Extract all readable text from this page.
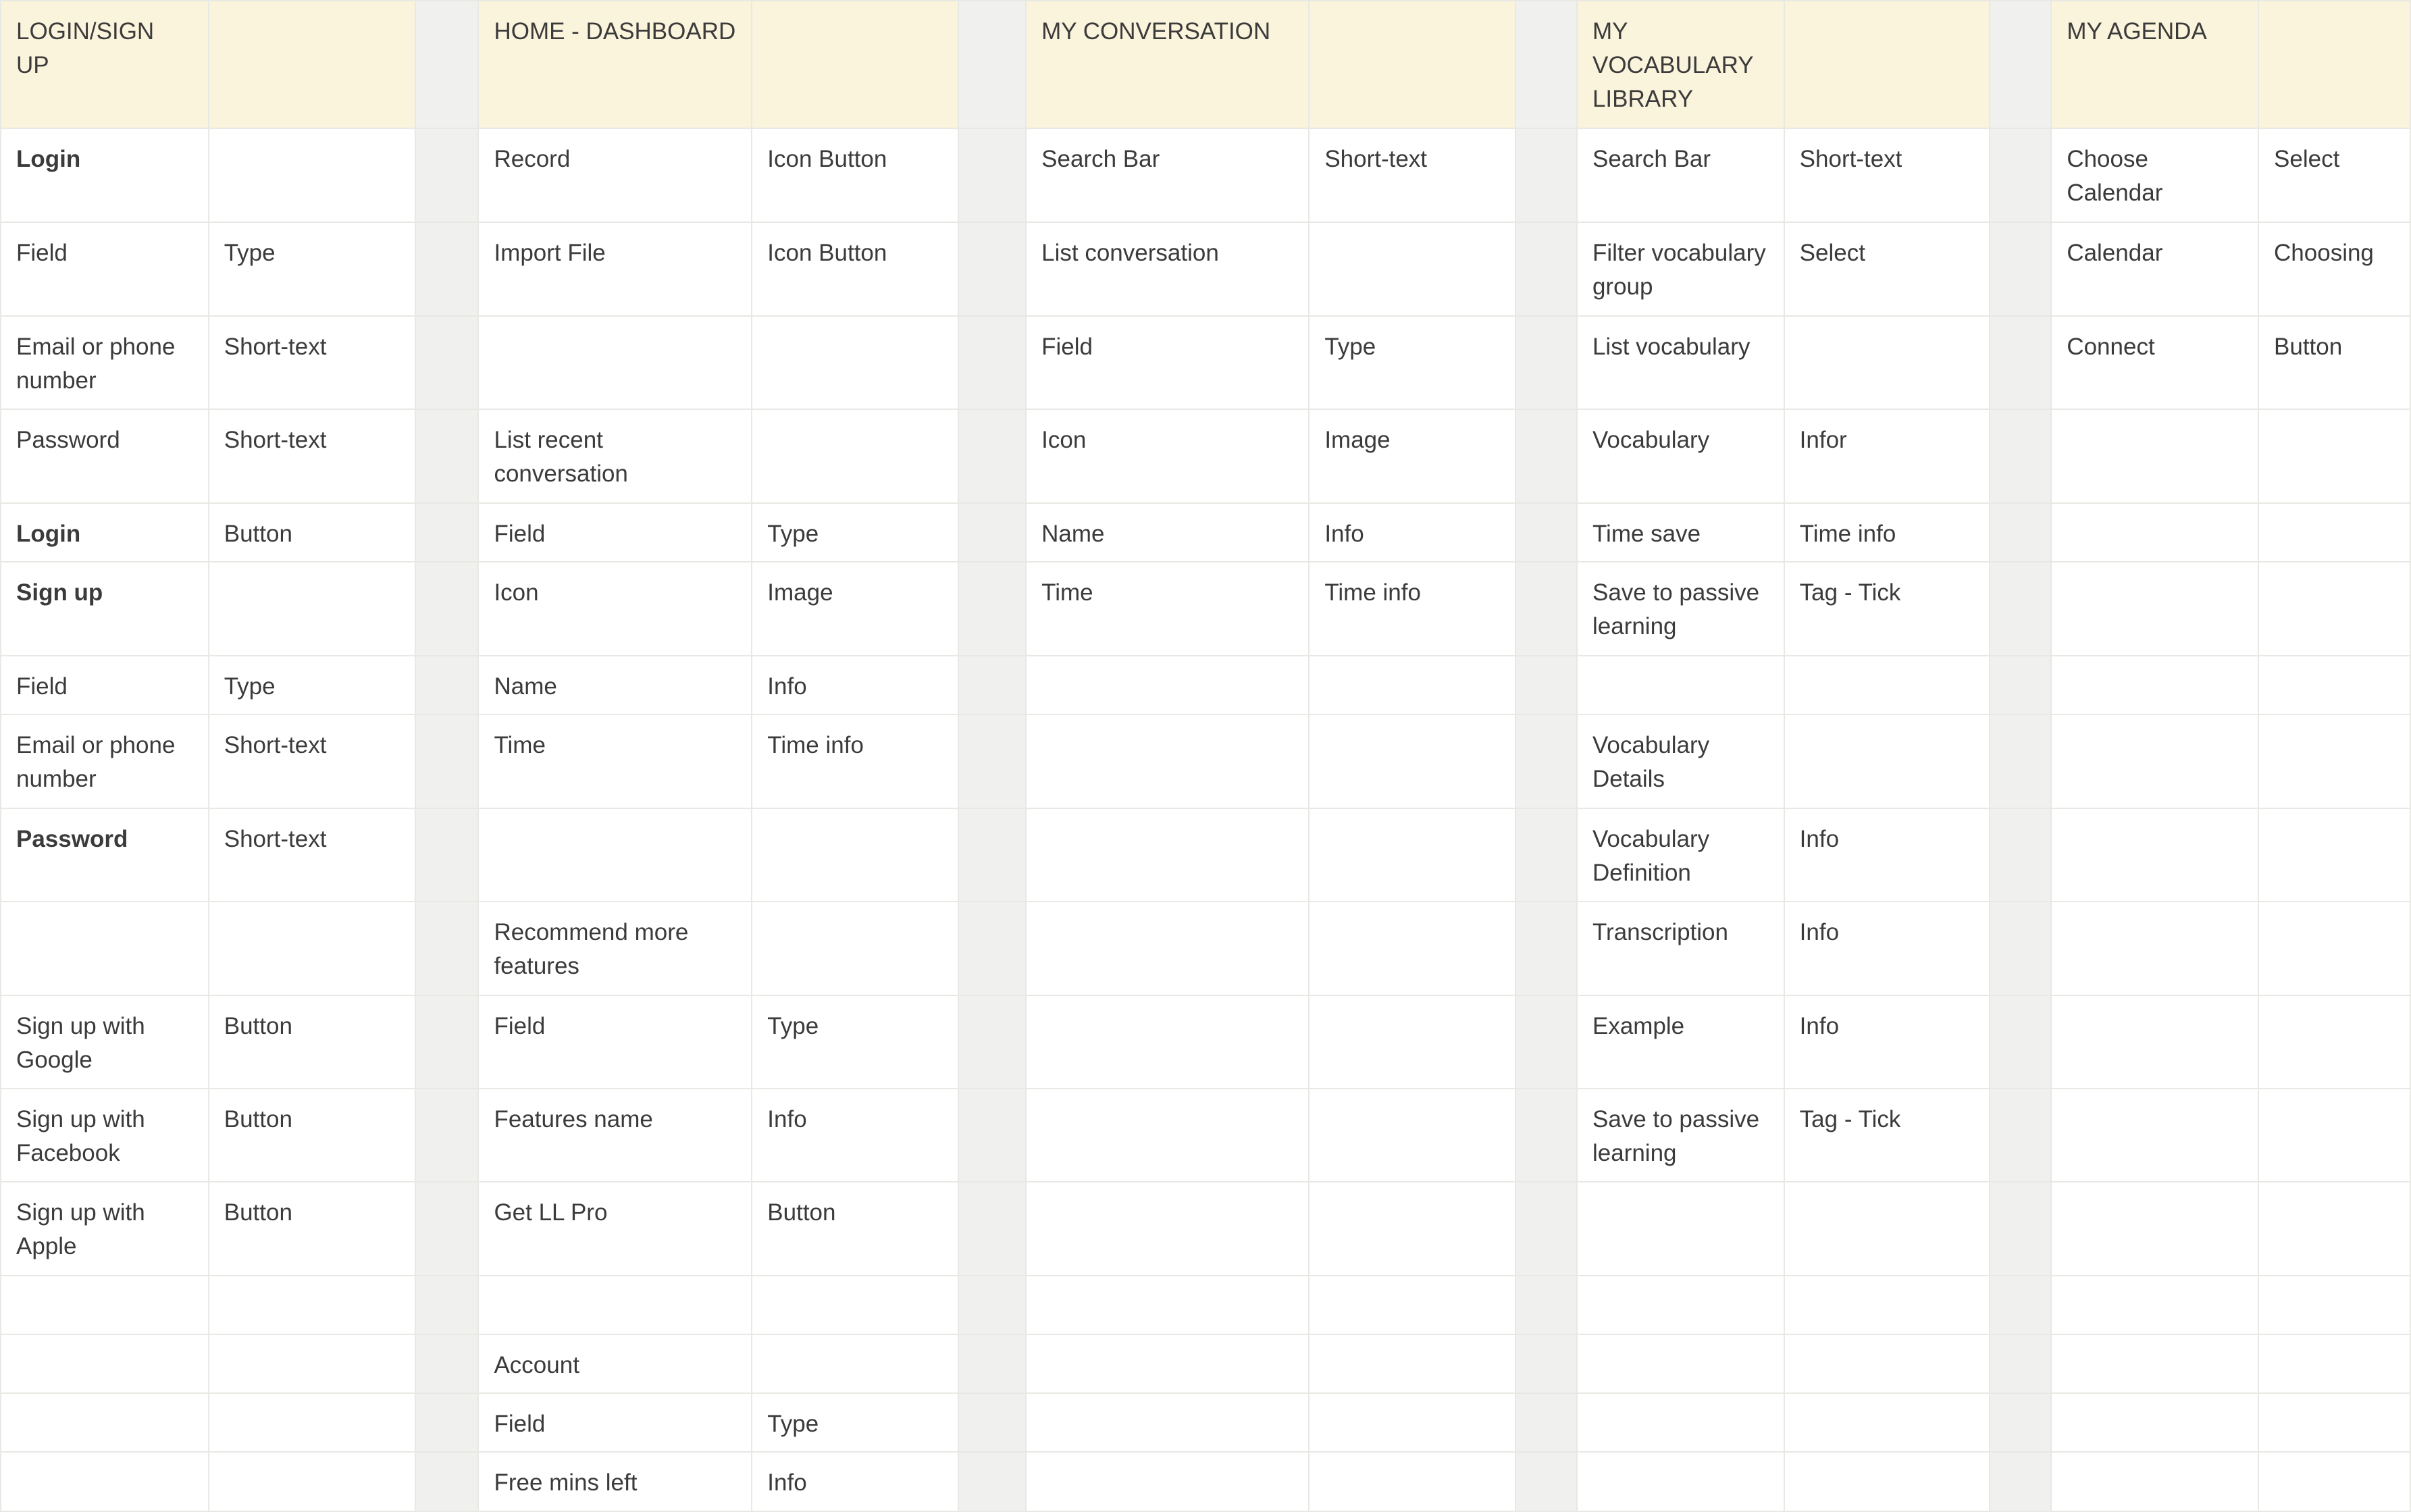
LOGIN/SIGN UP			HOME - DASHBOARD			MY CONVERSATION			MY
VOCABULARY
LIBRARY			MY AGENDA	
Login			Record	Icon Button		Search Bar	Short-text		Search Bar	Short-text		Choose Calendar	Select
Field	Type		Import File	Icon Button		List conversation			Filter vocabulary group	Select		Calendar	Choosing
Email or phone number	Short-text					Field	Type		List vocabulary			Connect	Button
Password	Short-text		List recent conversation			Icon	Image		Vocabulary	Infor			
Login	Button		Field	Type		Name	Info		Time save	Time info			
Sign up			Icon	Image		Time	Time info		Save to passive learning	Tag - Tick			
Field	Type		Name	Info									
Email or phone number	Short-text		Time	Time info					Vocabulary Details				
Password	Short-text								Vocabulary Definition	Info			
			Recommend more features						Transcription	Info			
Sign up with Google	Button		Field	Type					Example	Info			
Sign up with Facebook	Button		Features name	Info					Save to passive learning	Tag - Tick			
Sign up with Apple	Button		Get LL Pro	Button									

			Account										
			Field	Type									
			Free mins left	Info									
